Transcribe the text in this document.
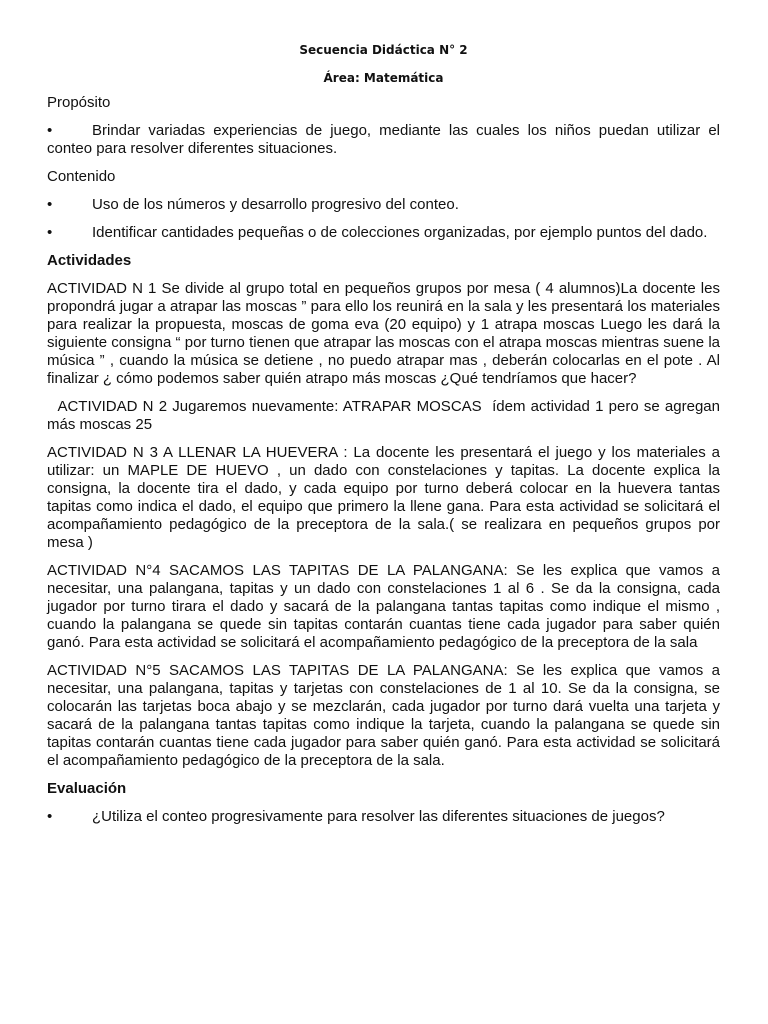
Secuencia Didáctica N° 2

Área: Matemática

Propósito

•	Brindar variadas experiencias de juego, mediante las cuales los niños puedan utilizar el conteo para resolver diferentes situaciones.

Contenido

•	Uso de los números y desarrollo progresivo del conteo.

•	Identificar cantidades pequeñas o de colecciones organizadas, por ejemplo puntos del dado.

Actividades

ACTIVIDAD N 1 Se divide al grupo total en pequeños grupos por mesa ( 4 alumnos)La docente les propondrá jugar a atrapar las moscas ” para ello los reunirá en la sala y les presentará los materiales para realizar la propuesta, moscas de goma eva (20 equipo) y 1 atrapa moscas Luego les dará la siguiente consigna “ por turno tienen que atrapar las moscas con el atrapa moscas mientras suene la música ” , cuando la música se detiene , no puedo atrapar mas , deberán colocarlas en el pote . Al finalizar ¿ cómo podemos saber quién atrapo más moscas ¿Qué tendríamos que hacer?

ACTIVIDAD N 2 Jugaremos nuevamente: ATRAPAR MOSCAS  ídem actividad 1 pero se agregan más moscas 25

ACTIVIDAD N 3 A LLENAR LA HUEVERA : La docente les presentará el juego y los materiales a utilizar: un MAPLE DE HUEVO , un dado con constelaciones y tapitas. La docente explica la consigna, la docente tira el dado, y cada equipo por turno deberá colocar en la huevera tantas tapitas como indica el dado, el equipo que primero la llene gana. Para esta actividad se solicitará el acompañamiento pedagógico de la preceptora de la sala.( se realizara en pequeños grupos por mesa )

ACTIVIDAD N°4 SACAMOS LAS TAPITAS DE LA PALANGANA: Se les explica que vamos a necesitar, una palangana, tapitas y un dado con constelaciones 1 al 6 . Se da la consigna, cada jugador por turno tirara el dado y sacará de la palangana tantas tapitas como indique el mismo , cuando la palangana se quede sin tapitas contarán cuantas tiene cada jugador para saber quién ganó. Para esta actividad se solicitará el acompañamiento pedagógico de la preceptora de la sala

ACTIVIDAD N°5 SACAMOS LAS TAPITAS DE LA PALANGANA: Se les explica que vamos a necesitar, una palangana, tapitas y tarjetas con constelaciones de 1 al 10. Se da la consigna, se colocarán las tarjetas boca abajo y se mezclarán, cada jugador por turno dará vuelta una tarjeta y sacará de la palangana tantas tapitas como indique la tarjeta, cuando la palangana se quede sin tapitas contarán cuantas tiene cada jugador para saber quién ganó. Para esta actividad se solicitará el acompañamiento pedagógico de la preceptora de la sala.

Evaluación

•	¿Utiliza el conteo progresivamente para resolver las diferentes situaciones de juegos?
